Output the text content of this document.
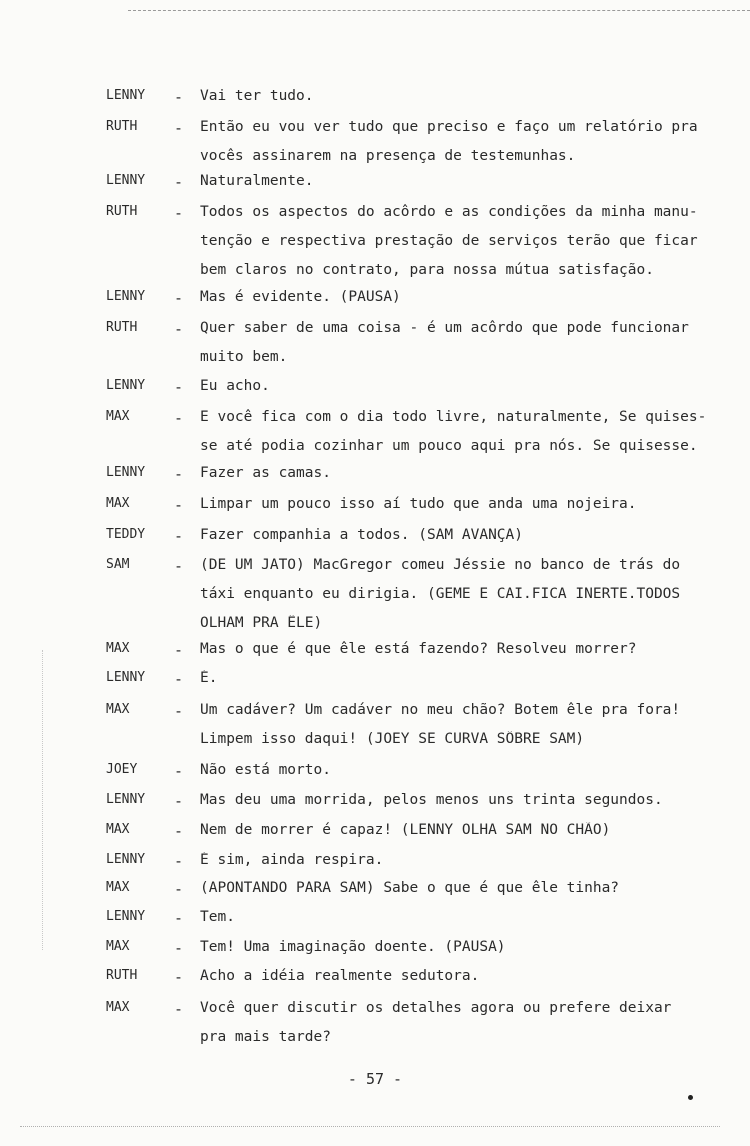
LENNY - Vai ter tudo.
RUTH - Então eu vou ver tudo que preciso e faço um relatório pra
vocês assinarem na presença de testemunhas.
LENNY - Naturalmente.
RUTH - Todos os aspectos do acôrdo e as condições da minha manu-
tenção e respectiva prestação de serviços terão que ficar
bem claros no contrato, para nossa mútua satisfação.
LENNY - Mas é evidente. (PAUSA)
RUTH - Quer saber de uma coisa - é um acôrdo que pode funcionar
muito bem.
LENNY - Eu acho.
MAX	- E você fica com o dia todo livre, naturalmente, Se quises-
se até podia cozinhar um pouco aqui pra nós. Se quisesse.
LENNY - Fazer as camas.
MAX	- Limpar um pouco isso aí tudo que anda uma nojeira.
TEDDY - Fazer companhia a todos. (SAM AVANÇA)
SAM	- (DE UM JATO) MacGregor comeu Jéssie no banco de trás do
táxi enquanto eu dirigia. (GEME E CAI.FICA INERTE.TODOS
OLHAM PRA ÊLE)
MAX	- Mas o que é que êle está fazendo? Resolveu morrer?
LENNY - É.
MAX	- Um cadáver? Um cadáver no meu chão? Botem êle pra fora!
Limpem isso daqui! (JOEY SE CURVA SÔBRE SAM)
JOEY - Não está morto.
LENNY - Mas deu uma morrida, pelos menos uns trinta segundos.
MAX	- Nem de morrer é capaz! (LENNY OLHA SAM NO CHÃO)
LENNY - É sim, ainda respira.
MAX	- (APONTANDO PARA SAM) Sabe o que é que êle tinha?
LENNY - Tem.
MAX	- Tem! Uma imaginação doente. (PAUSA)
RUTH - Acho a idéia realmente sedutora.
MAX	- Você quer discutir os detalhes agora ou prefere deixar
pra mais tarde?
- 57 -
